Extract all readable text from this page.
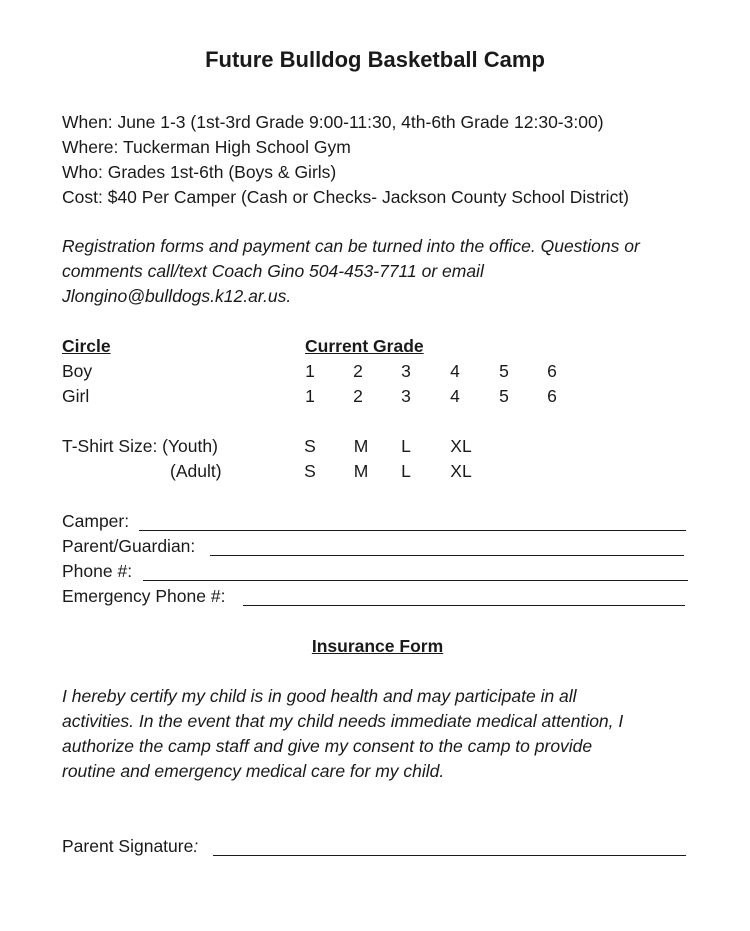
Future Bulldog Basketball Camp
When: June 1-3 (1st-3rd Grade 9:00-11:30, 4th-6th Grade 12:30-3:00)
Where: Tuckerman High School Gym
Who: Grades 1st-6th (Boys & Girls)
Cost: $40 Per Camper (Cash or Checks- Jackson County School District)
Registration forms and payment can be turned into the office. Questions or
comments call/text Coach Gino 504-453-7711 or email
Jlongino@bulldogs.k12.ar.us.
Circle	Current Grade
Boy	1	2	3	4	5	6
Girl	1	2	3	4	5	6
T-Shirt Size: (Youth)	S	M	L	XL
(Adult)	S	M	L	XL
Camper:
Parent/Guardian:
Phone #:
Emergency Phone #:
Insurance Form
I hereby certify my child is in good health and may participate in all
activities. In the event that my child needs immediate medical attention, I
authorize the camp staff and give my consent to the camp to provide
routine and emergency medical care for my child.
Parent Signature:
